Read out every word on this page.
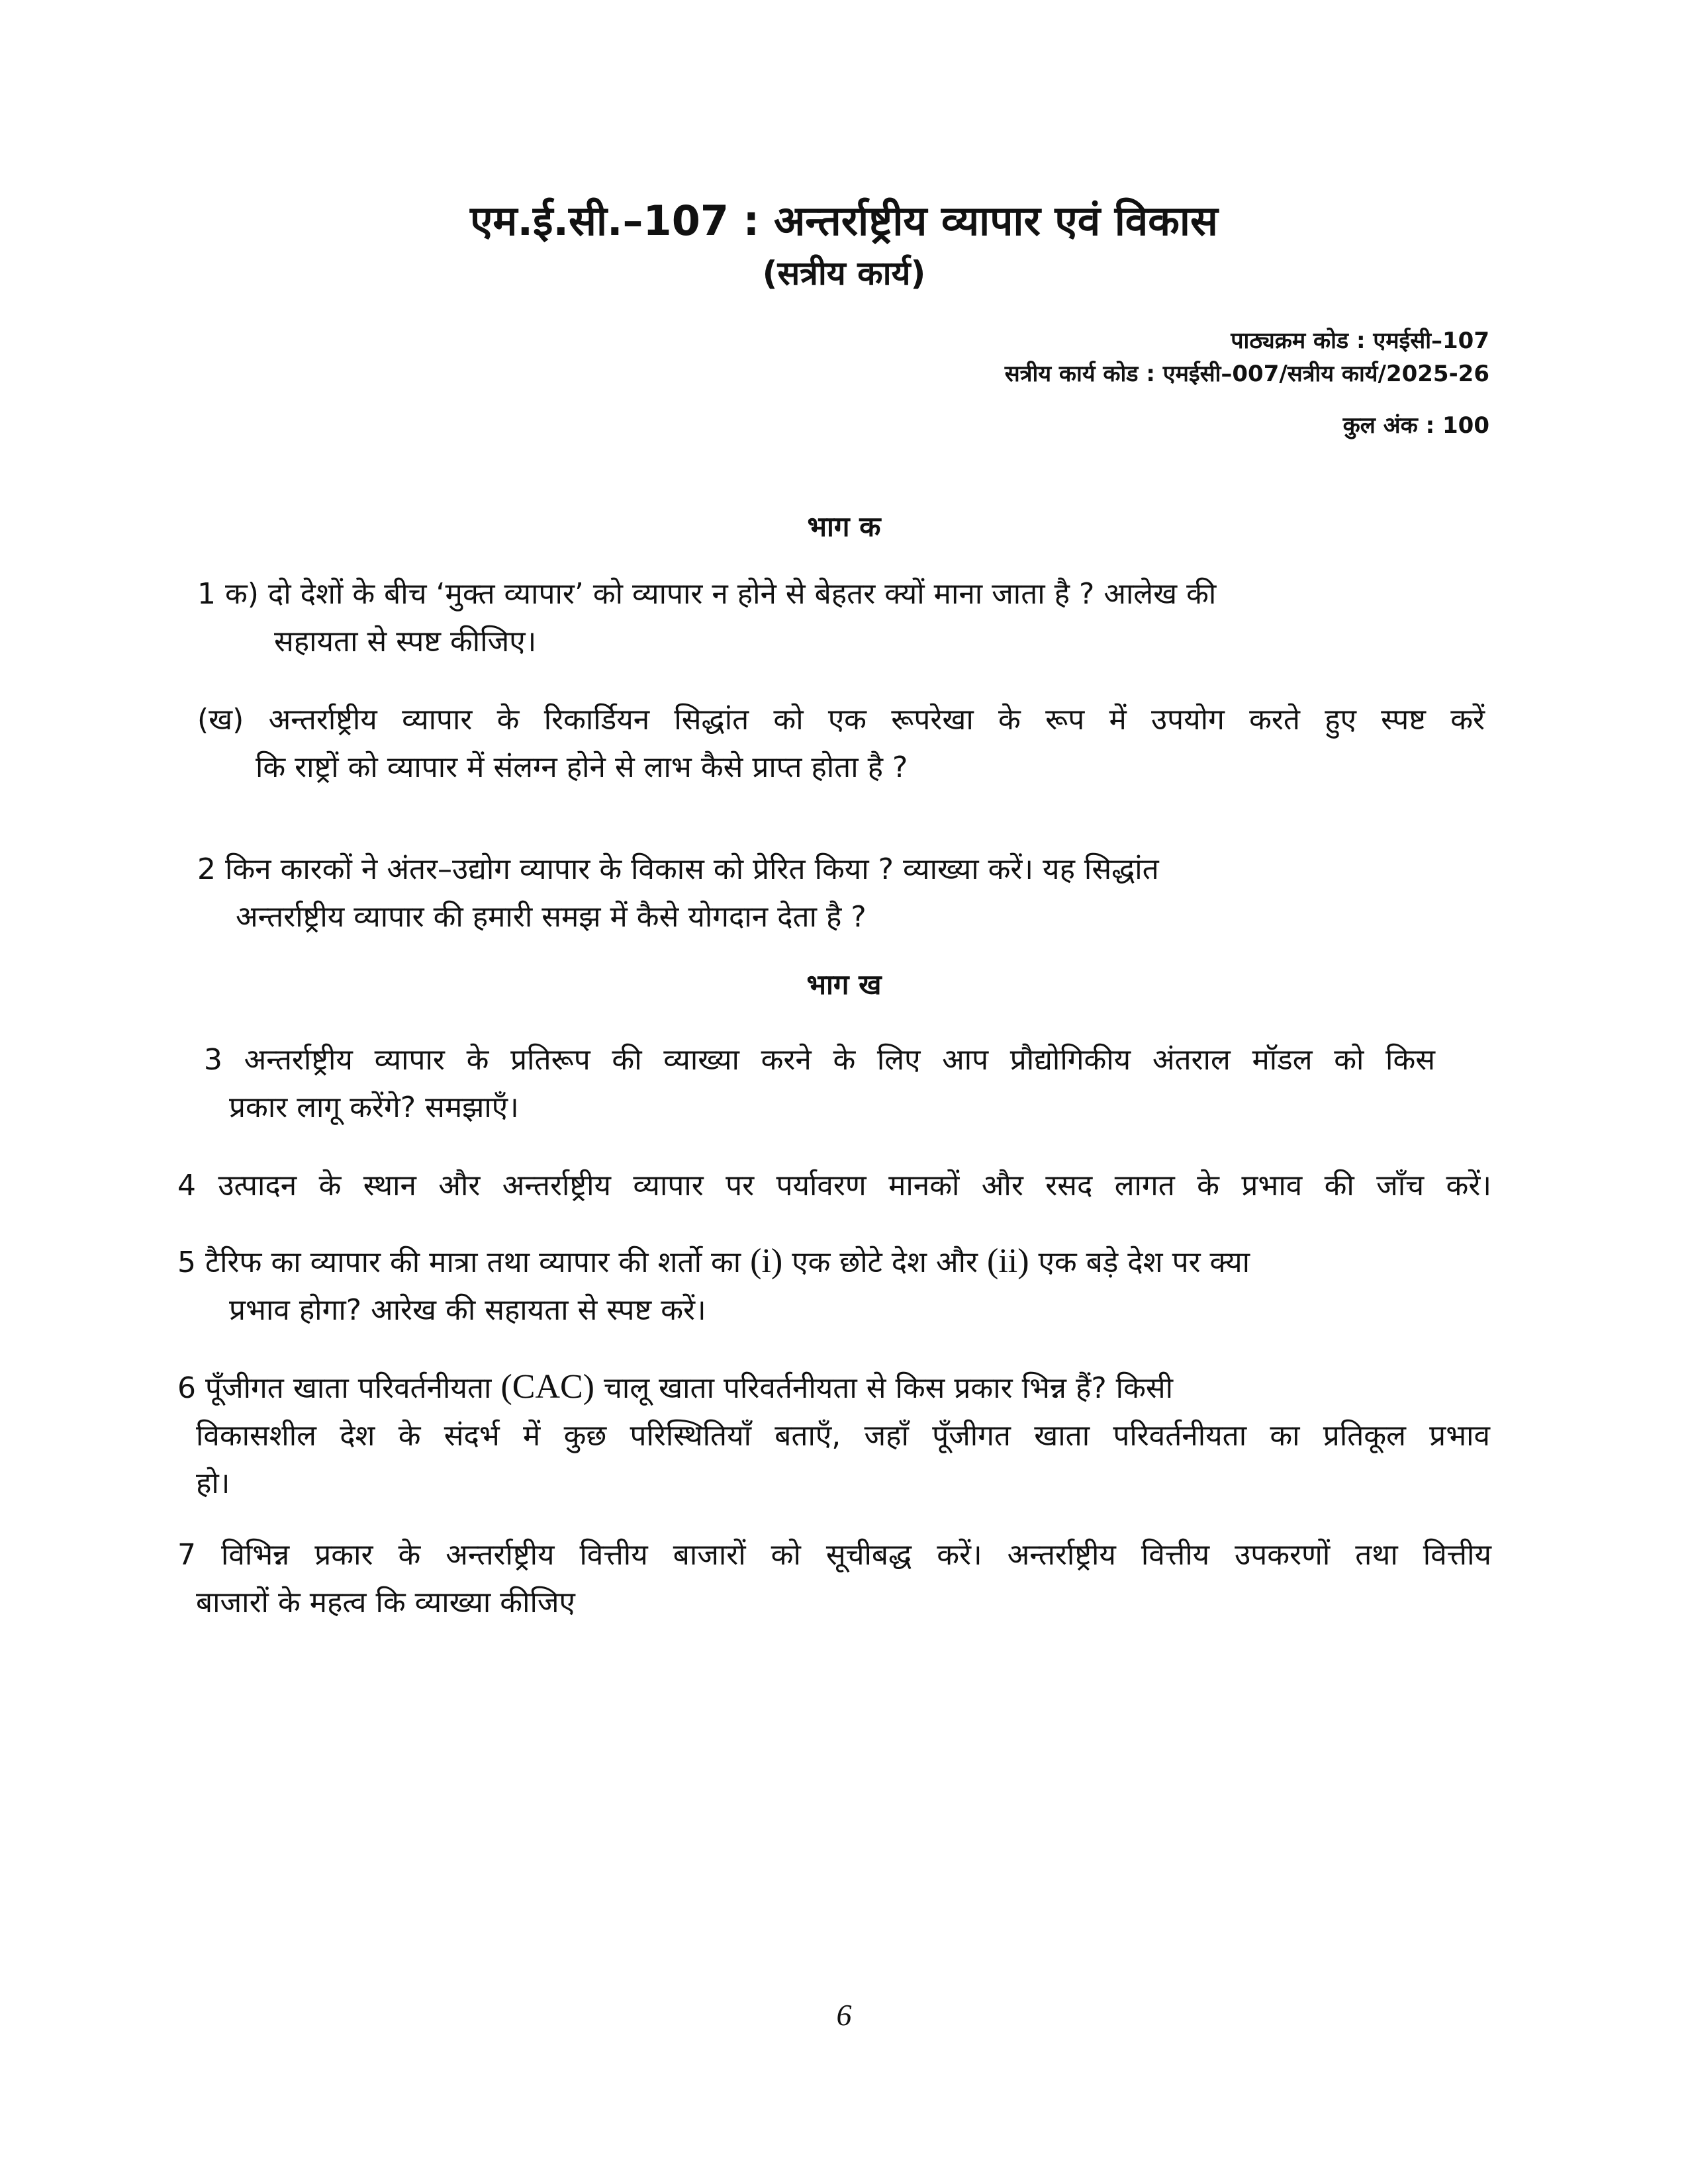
एम.ई.सी.–107 : अन्तर्राष्ट्रीय व्यापार एवं विकास
(सत्रीय कार्य)
पाठ्यक्रम कोड : एमईसी–107
सत्रीय कार्य कोड : एमईसी–007/सत्रीय कार्य/2025-26
कुल अंक : 100
भाग क
1 क) दो देशों के बीच ‘मुक्त व्यापार’ को व्यापार न होने से बेहतर क्यों माना जाता है ? आलेख की
सहायता से स्पष्ट कीजिए।
(ख) अन्तर्राष्ट्रीय व्यापार के रिकार्डियन सिद्धांत को एक रूपरेखा के रूप में उपयोग करते हुए स्पष्ट करें
कि राष्ट्रों को व्यापार में संलग्न होने से लाभ कैसे प्राप्त होता है ?
2 किन कारकों ने अंतर–उद्योग व्यापार के विकास को प्रेरित किया ? व्याख्या करें। यह सिद्धांत
अन्तर्राष्ट्रीय व्यापार की हमारी समझ में कैसे योगदान देता है ?
भाग ख
3 अन्तर्राष्ट्रीय व्यापार के प्रतिरूप की व्याख्या करने के लिए आप प्रौद्योगिकीय अंतराल मॉडल को किस
प्रकार लागू करेंगे? समझाएँ।
4 उत्पादन के स्थान और अन्तर्राष्ट्रीय व्यापार पर पर्यावरण मानकों और रसद लागत के प्रभाव की जाँच करें।
5 टैरिफ का व्यापार की मात्रा तथा व्यापार की शर्तो का (i) एक छोटे देश और (ii) एक बड़े देश पर क्या
प्रभाव होगा? आरेख की सहायता से स्पष्ट करें।
6 पूँजीगत खाता परिवर्तनीयता (CAC) चालू खाता परिवर्तनीयता से किस प्रकार भिन्न हैं? किसी
विकासशील देश के संदर्भ में कुछ परिस्थितियाँ बताएँ, जहाँ पूँजीगत खाता परिवर्तनीयता का प्रतिकूल प्रभाव
हो।
7 विभिन्न प्रकार के अन्तर्राष्ट्रीय वित्तीय बाजारों को सूचीबद्ध करें। अन्तर्राष्ट्रीय वित्तीय उपकरणों तथा वित्तीय
बाजारों के महत्व कि व्याख्या कीजिए
6
